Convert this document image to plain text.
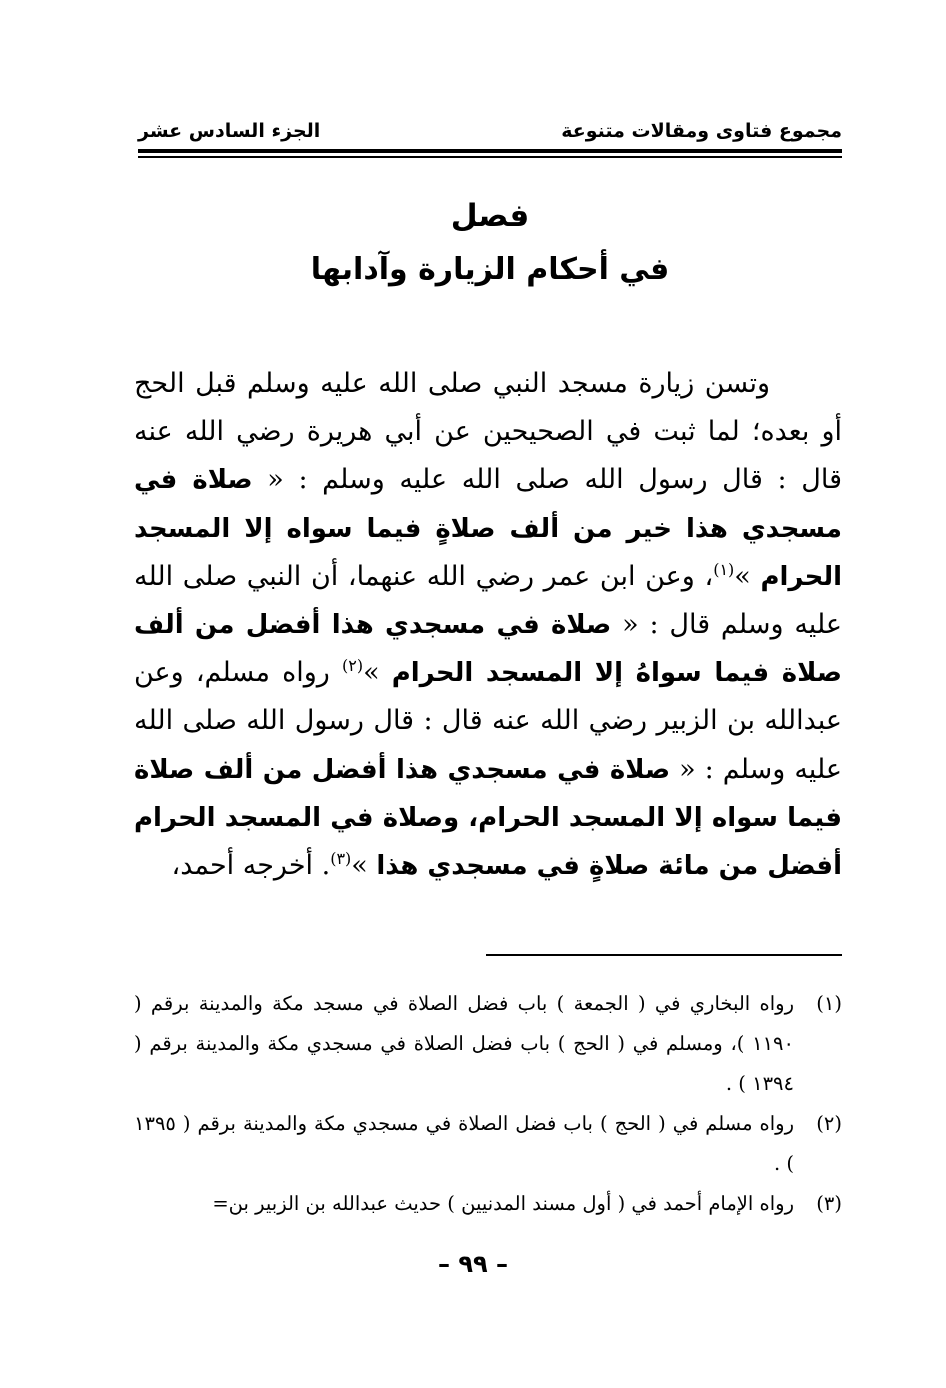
مجموع فتاوى ومقالات متنوعة
الجزء السادس عشر
فصل
في أحكام الزيارة وآدابها

وتسن زيارة مسجد النبي صلى الله عليه وسلم قبل الحج أو بعده؛ لما ثبت في الصحيحين عن أبي هريرة رضي الله عنه قال : قال رسول الله صلى الله عليه وسلم : « صلاة في مسجدي هذا خير من ألف صلاةٍ فيما سواه إلا المسجد الحرام »$^{(١)}$، وعن ابن عمر رضي الله عنهما، أن النبي صلى الله عليه وسلم قال : « صلاة في مسجدي هذا أفضل من ألف صلاة فيما سواهُ إلا المسجد الحرام »$^{(٢)}$ رواه مسلم، وعن عبدالله بن الزبير رضي الله عنه قال : قال رسول الله صلى الله عليه وسلم : « صلاة في مسجدي هذا أفضل من ألف صلاة فيما سواه إلا المسجد الحرام، وصلاة في المسجد الحرام أفضل من مائة صلاةٍ في مسجدي هذا »$^{(٣)}$. أخرجه أحمد،

(١)
رواه البخاري في ( الجمعة ) باب فضل الصلاة في مسجد مكة والمدينة برقم ( ١١٩٠ )، ومسلم في ( الحج ) باب فضل الصلاة في مسجدي مكة والمدينة برقم ( ١٣٩٤ ) .
(٢)
رواه مسلم في ( الحج ) باب فضل الصلاة في مسجدي مكة والمدينة برقم ( ١٣٩٥ ) .
(٣)
رواه الإمام أحمد في ( أول مسند المدنيين ) حديث عبدالله بن الزبير بن=
– ٩٩ –
